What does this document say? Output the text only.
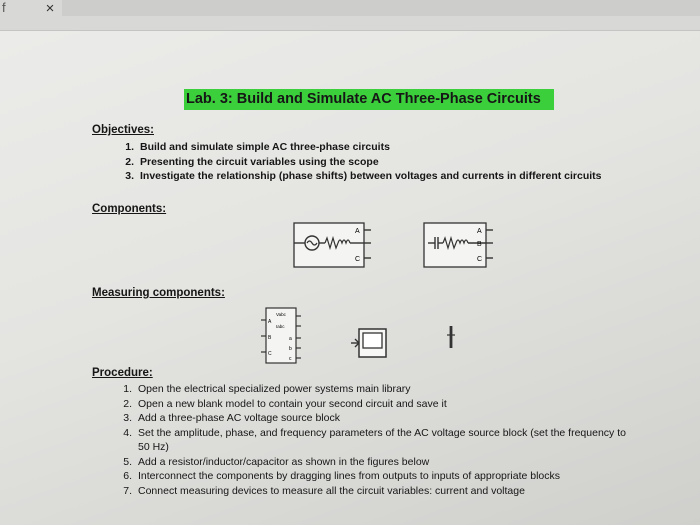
f	×
Lab. 3: Build and Simulate AC Three-Phase Circuits
Objectives:
1. Build and simulate simple AC three-phase circuits
2. Presenting the circuit variables using the scope
3. Investigate the relationship (phase shifts) between voltages and currents in different circuits
Components:
A
C
A
B
C
Measuring components:
A
B
C
Vabc
Iabc
a
b
c
Procedure:
1. Open the electrical specialized power systems main library
2. Open a new blank model to contain your second circuit and save it
3. Add a three-phase AC voltage source block
4. Set the amplitude, phase, and frequency parameters of the AC voltage source block (set the frequency to 50 Hz)
5. Add a resistor/inductor/capacitor as shown in the figures below
6. Interconnect the components by dragging lines from outputs to inputs of appropriate blocks
7. Connect measuring devices to measure all the circuit variables: current and voltage
